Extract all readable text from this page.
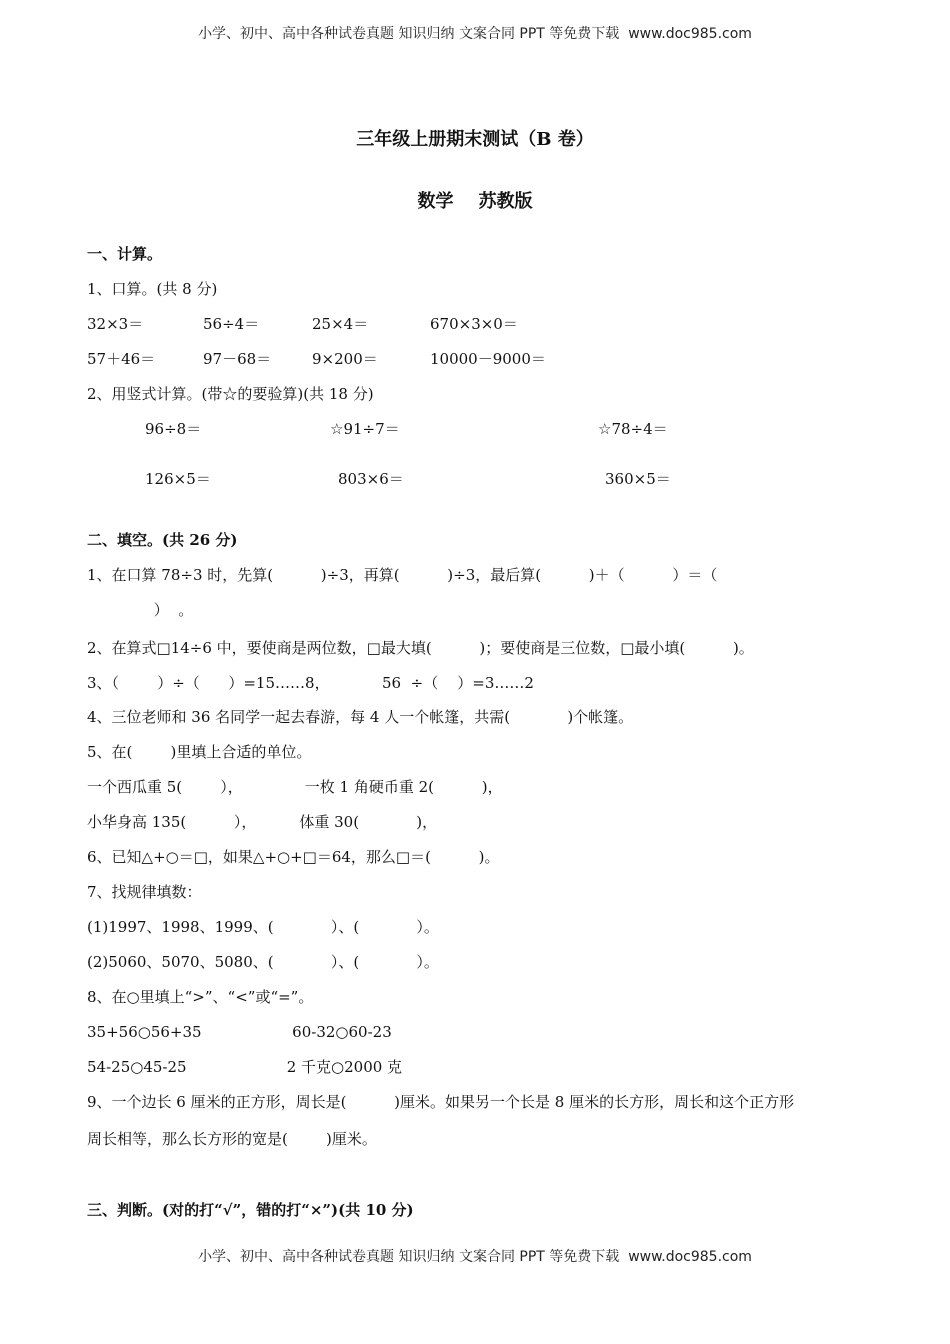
小学、初中、高中各种试卷真题 知识归纳 文案合同 PPT 等免费下载  www.doc985.com
三年级上册期末测试（B 卷）
数学    苏教版
一、计算。
1、口算。(共 8 分)
32×3＝	56÷4＝	25×4＝	670×3×0＝
57＋46＝	97－68＝	9×200＝	10000－9000＝
2、用竖式计算。(带☆的要验算)(共 18 分)
96÷8＝	☆91÷7＝	☆78÷4＝
126×5＝	803×6＝	360×5＝
二、填空。(共 26 分)
1、在口算 78÷3 时，先算(          )÷3，再算(          )÷3，最后算(          )＋（          ）＝（
）  。
2、在算式□14÷6 中，要使商是两位数，□最大填(          )；要使商是三位数，□最小填(          )。
3、（        ）÷（      ）=15……8，           56  ÷（    ）=3……2
4、三位老师和 36 名同学一起去春游，每 4 人一个帐篷，共需(            )个帐篷。
5、在(        )里填上合适的单位。
一个西瓜重 5(        ），             一枚 1 角硬币重 2(          )，
小华身高 135(          ），         体重 30(            )，
6、已知△+○＝□，如果△+○+□＝64，那么□＝(          )。
7、找规律填数：
(1)1997、1998、1999、(            ）、(            ）。
(2)5060、5070、5080、(            ）、(            ）。
8、在○里填上“>”、“<”或“=”。
35+56○56+35                   60-32○60-23
54-25○45-25                     2 千克○2000 克
9、一个边长 6 厘米的正方形，周长是(          )厘米。如果另一个长是 8 厘米的长方形，周长和这个正方形
周长相等，那么长方形的宽是(        )厘米。
三、判断。(对的打“√”，错的打“×”)(共 10 分)
小学、初中、高中各种试卷真题 知识归纳 文案合同 PPT 等免费下载  www.doc985.com
